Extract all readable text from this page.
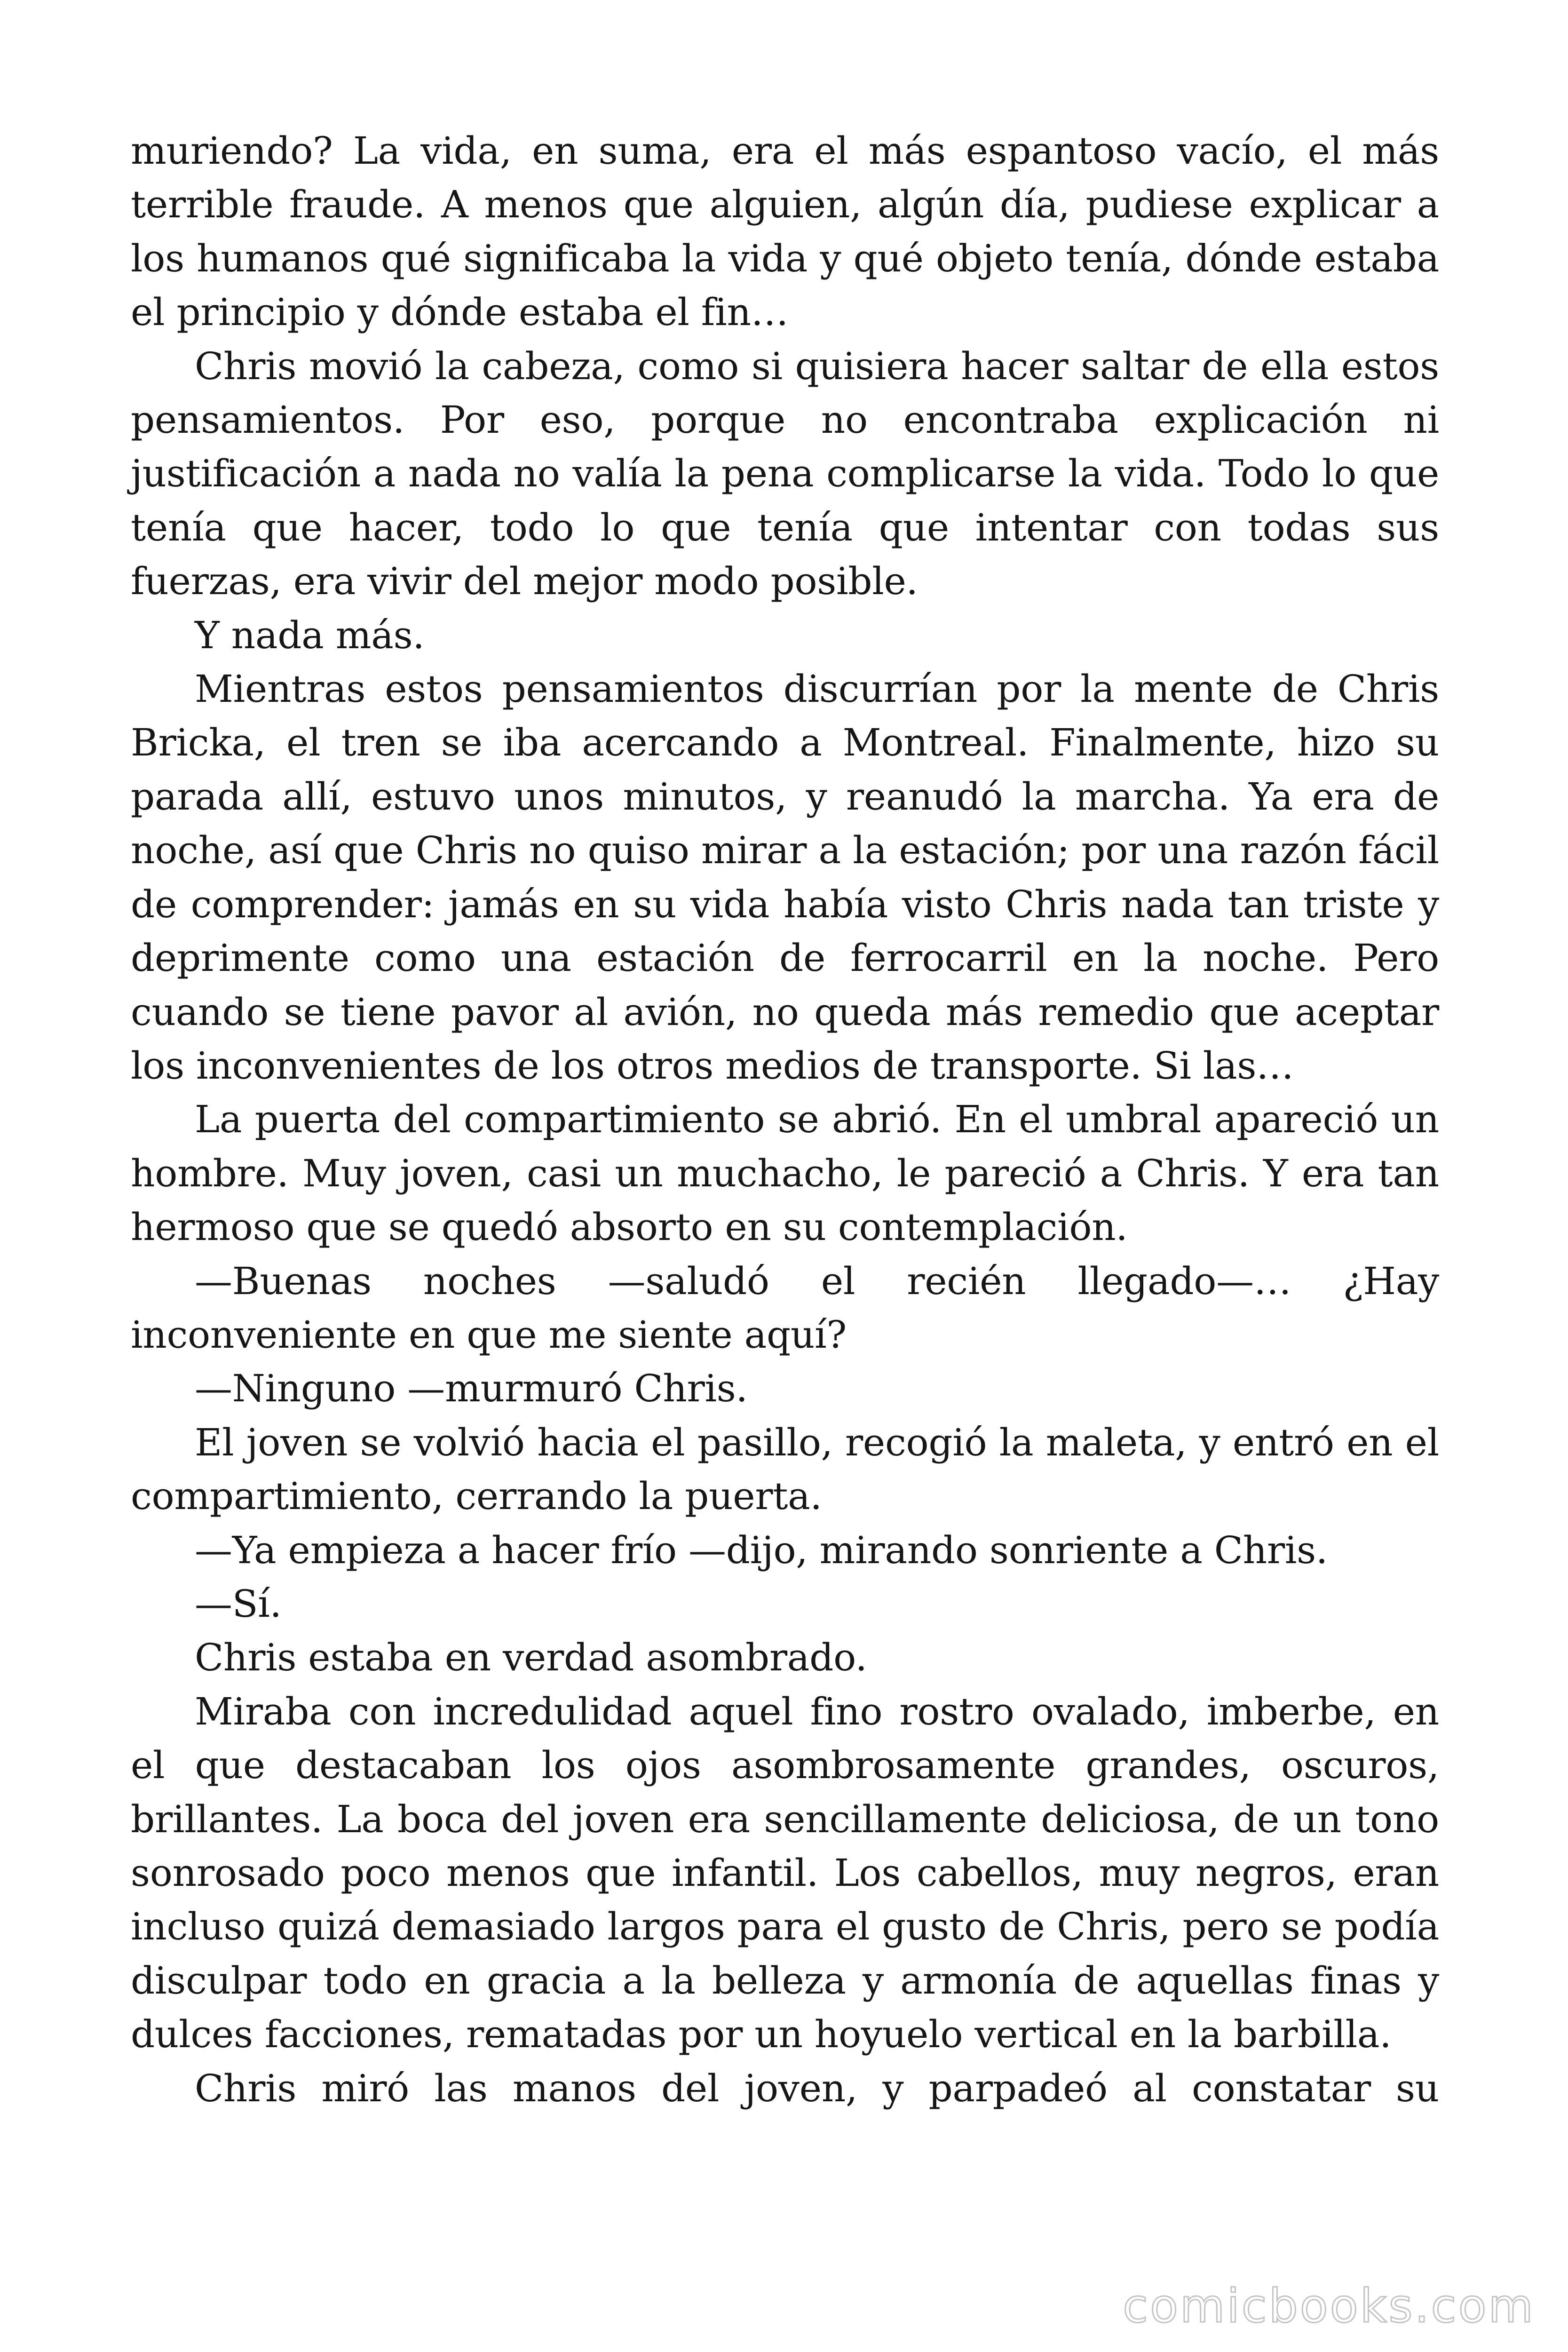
muriendo? La vida, en suma, era el más espantoso vacío, el más terrible fraude. A menos que alguien, algún día, pudiese explicar a los humanos qué significaba la vida y qué objeto tenía, dónde estaba el principio y dónde estaba el fin…

Chris movió la cabeza, como si quisiera hacer saltar de ella estos pensamientos. Por eso, porque no encontraba explicación ni justificación a nada no valía la pena complicarse la vida. Todo lo que tenía que hacer, todo lo que tenía que intentar con todas sus fuerzas, era vivir del mejor modo posible.

Y nada más.

Mientras estos pensamientos discurrían por la mente de Chris Bricka, el tren se iba acercando a Montreal. Finalmente, hizo su parada allí, estuvo unos minutos, y reanudó la marcha. Ya era de noche, así que Chris no quiso mirar a la estación; por una razón fácil de comprender: jamás en su vida había visto Chris nada tan triste y deprimente como una estación de ferrocarril en la noche. Pero cuando se tiene pavor al avión, no queda más remedio que aceptar los inconvenientes de los otros medios de transporte. Si las…

La puerta del compartimiento se abrió. En el umbral apareció un hombre. Muy joven, casi un muchacho, le pareció a Chris. Y era tan hermoso que se quedó absorto en su contemplación.

—Buenas noches —saludó el recién llegado—… ¿Hay inconveniente en que me siente aquí?

—Ninguno —murmuró Chris.

El joven se volvió hacia el pasillo, recogió la maleta, y entró en el compartimiento, cerrando la puerta.

—Ya empieza a hacer frío —dijo, mirando sonriente a Chris.

—Sí.

Chris estaba en verdad asombrado.

Miraba con incredulidad aquel fino rostro ovalado, imberbe, en el que destacaban los ojos asombrosamente grandes, oscuros, brillantes. La boca del joven era sencillamente deliciosa, de un tono sonrosado poco menos que infantil. Los cabellos, muy negros, eran incluso quizá demasiado largos para el gusto de Chris, pero se podía disculpar todo en gracia a la belleza y armonía de aquellas finas y dulces facciones, rematadas por un hoyuelo vertical en la barbilla.

Chris miró las manos del joven, y parpadeó al constatar su

comicbooks.com
